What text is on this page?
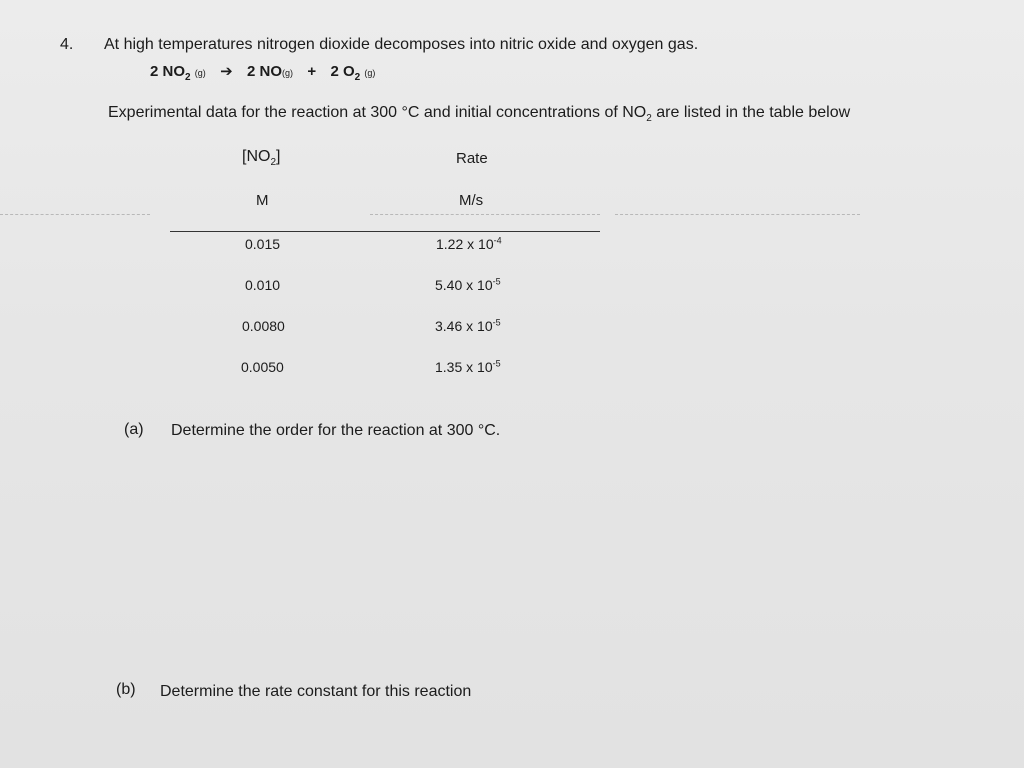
4. At high temperatures nitrogen dioxide decomposes into nitric oxide and oxygen gas.
2 $NO_2$ (g) ➔ 2 NO(g) + 2 $O_2$ (g)
Experimental data for the reaction at 300 °C and initial concentrations of $NO_2$ are listed in the table below
$[NO_2]$	Rate
M	M/s
0.015	1.22 x $10^{-4}$
0.010	5.40 x $10^{-5}$
0.0080	3.46 x $10^{-5}$
0.0050	1.35 x $10^{-5}$
(a) Determine the order for the reaction at 300 °C.
(b) Determine the rate constant for this reaction
